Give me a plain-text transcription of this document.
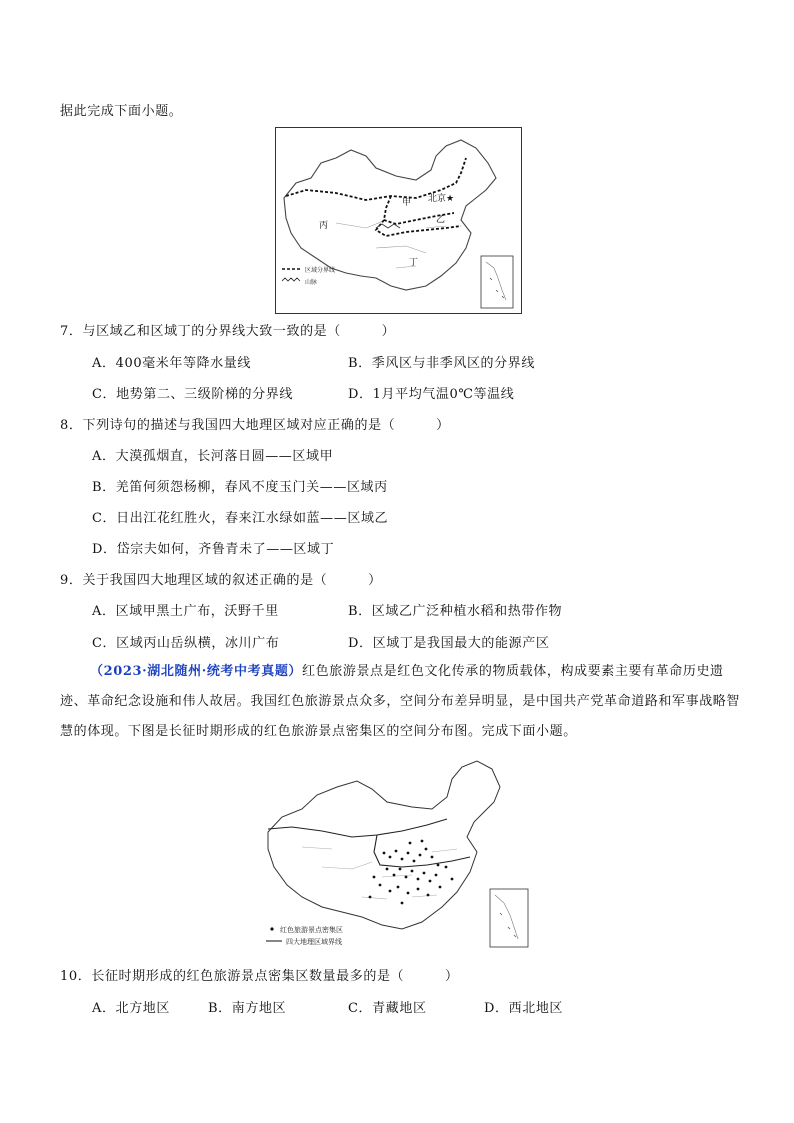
据此完成下面小题。
甲 北京★
乙
丙
丁
区域分界线
山脉
7．与区域乙和区域丁的分界线大致一致的是（　　　）
A．400毫米年等降水量线	B．季风区与非季风区的分界线
C．地势第二、三级阶梯的分界线	D．1月平均气温0℃等温线
8．下列诗句的描述与我国四大地理区域对应正确的是（　　　）
A．大漠孤烟直，长河落日圆——区域甲
B．羌笛何须怨杨柳，春风不度玉门关——区域丙
C．日出江花红胜火，春来江水绿如蓝——区域乙
D．岱宗夫如何，齐鲁青未了——区域丁
9．关于我国四大地理区域的叙述正确的是（　　　）
A．区域甲黑土广布，沃野千里	B．区域乙广泛种植水稻和热带作物
C．区域丙山岳纵横，冰川广布	D．区域丁是我国最大的能源产区
（2023·湖北随州·统考中考真题）红色旅游景点是红色文化传承的物质载体，构成要素主要有革命历史遗迹、革命纪念设施和伟人故居。我国红色旅游景点众多，空间分布差异明显，是中国共产党革命道路和军事战略智慧的体现。下图是长征时期形成的红色旅游景点密集区的空间分布图。完成下面小题。
红色旅游景点密集区
四大地理区域界线
10．长征时期形成的红色旅游景点密集区数量最多的是（　　　）
A．北方地区	B．南方地区	C．青藏地区	D．西北地区
